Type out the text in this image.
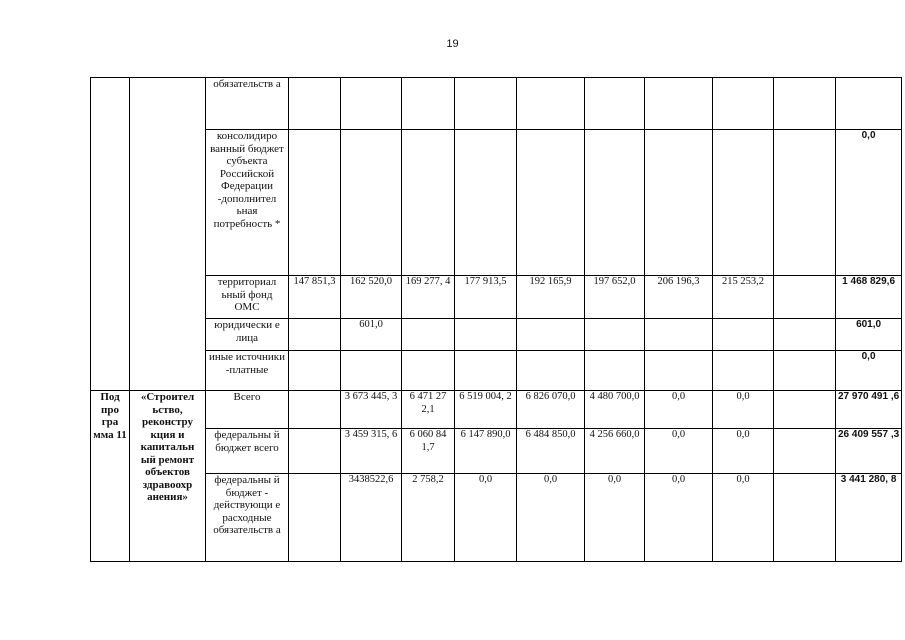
19
		обязательств а										
		консолидиро ванный бюджет субъекта Российской Федерации -дополнител ьная потребность *										0,0
		территориал ьный фонд ОМС	147 851,3	162 520,0	169 277, 4	177 913,5	192 165,9	197 652,0	206 196,3	215 253,2		1 468 829,6
		юридически е лица		601,0								601,0
		иные источники -платные										0,0
Под про гра мма 11	«Строител ьство, реконстру кция и капитальн ый ремонт объектов здравоохр анения»	Всего		3 673 445, 3	6 471 27 2,1	6 519 004, 2	6 826 070,0	4 480 700,0	0,0	0,0		27 970 491 ,6
		федеральны й бюджет всего		3 459 315, 6	6 060 84 1,7	6 147 890,0	6 484 850,0	4 256 660,0	0,0	0,0		26 409 557 ,3
		федеральны й бюджет - действующи е расходные обязательств а		3438522,6	2 758,2	0,0	0,0	0,0	0,0	0,0		3 441 280, 8
